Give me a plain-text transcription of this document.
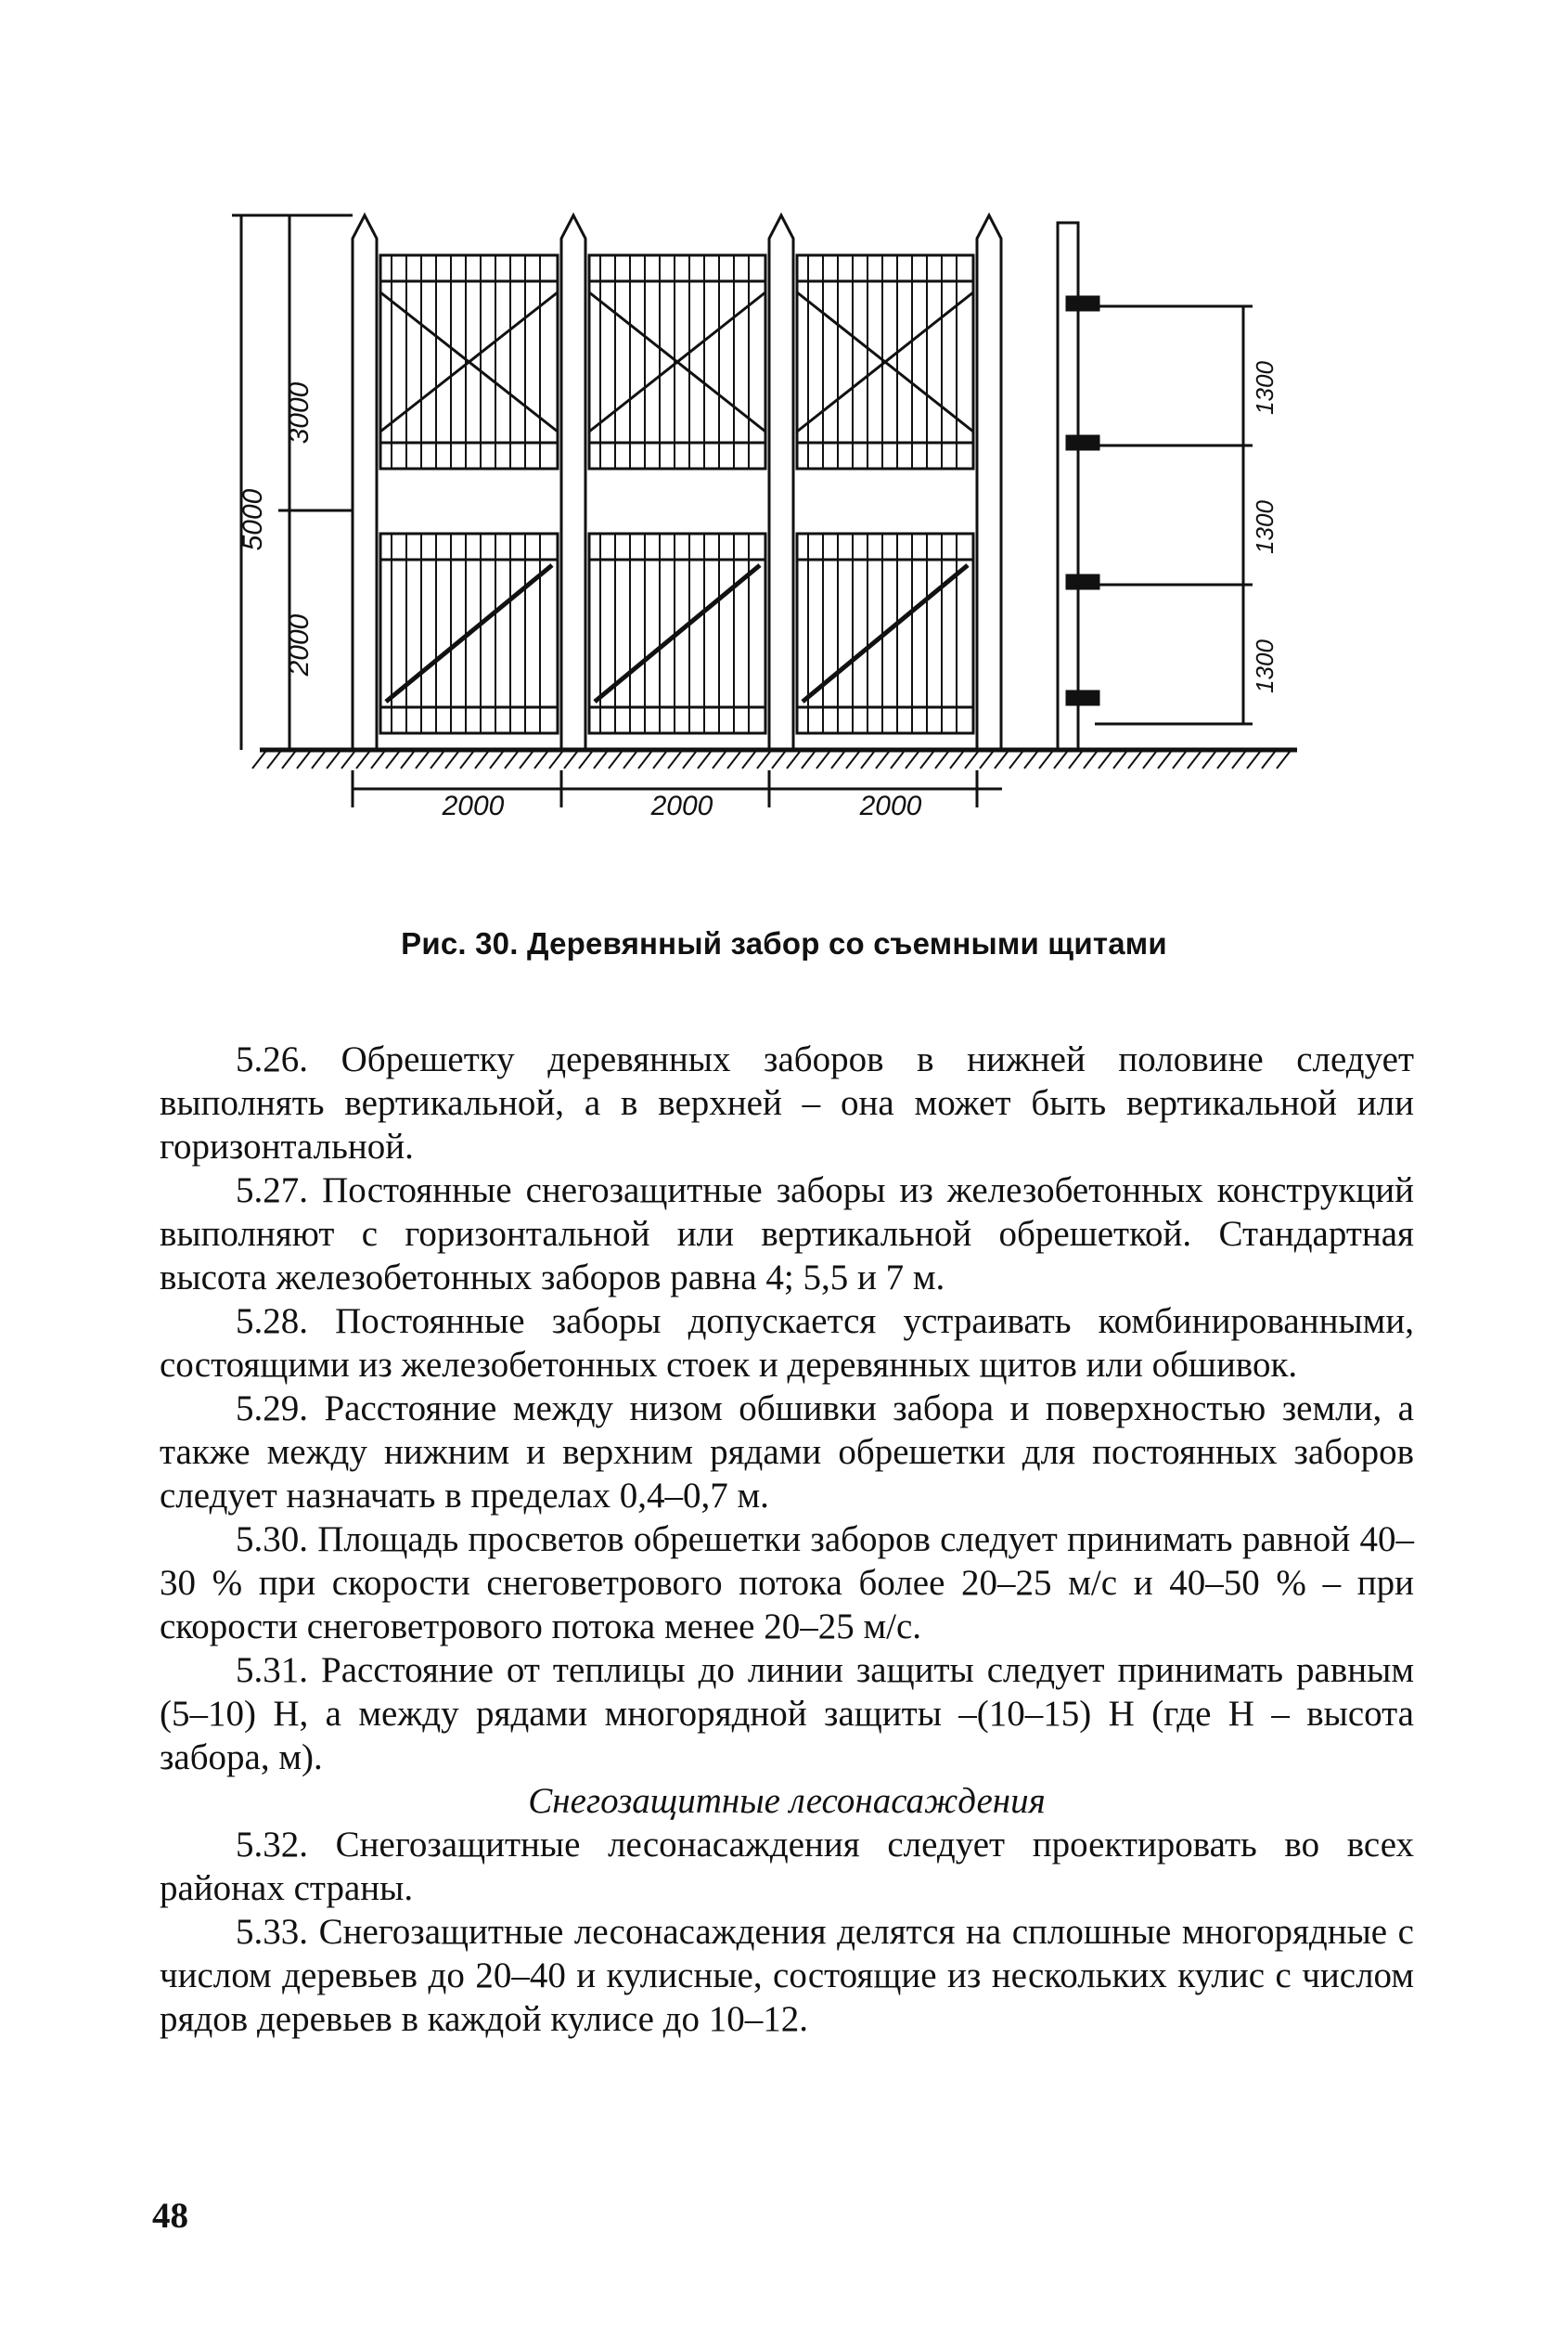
5000
3000
2000
2000	2000	2000
1300
1300
1300
Рис. 30. Деревянный забор со съемными щитами

5.26. Обрешетку деревянных заборов в нижней половине следует выполнять вертикальной, а в верхней – она может быть вертикальной или горизонтальной.

5.27. Постоянные снегозащитные заборы из железобетонных конструкций выполняют с горизонтальной или вертикальной обрешеткой. Стандартная высота железобетонных заборов равна 4; 5,5 и 7 м.

5.28. Постоянные заборы допускается устраивать комбинированными, состоящими из железобетонных стоек и деревянных щитов или обшивок.

5.29. Расстояние между низом обшивки забора и поверхностью земли, а также между нижним и верхним рядами обрешетки для постоянных заборов следует назначать в пределах 0,4–0,7 м.

5.30. Площадь просветов обрешетки заборов следует принимать равной 40–30 % при скорости снеговетрового потока более 20–25 м/с и 40–50 % – при скорости снеговетрового потока менее 20–25 м/с.

5.31. Расстояние от теплицы до линии защиты следует принимать равным (5–10) Н, а между рядами многорядной защиты –(10–15) Н (где Н – высота забора, м).

Снегозащитные лесонасаждения

5.32. Снегозащитные лесонасаждения следует проектировать во всех районах страны.

5.33. Снегозащитные лесонасаждения делятся на сплошные многорядные с числом деревьев до 20–40 и кулисные, состоящие из нескольких кулис с числом рядов деревьев в каждой кулисе до 10–12.

48
